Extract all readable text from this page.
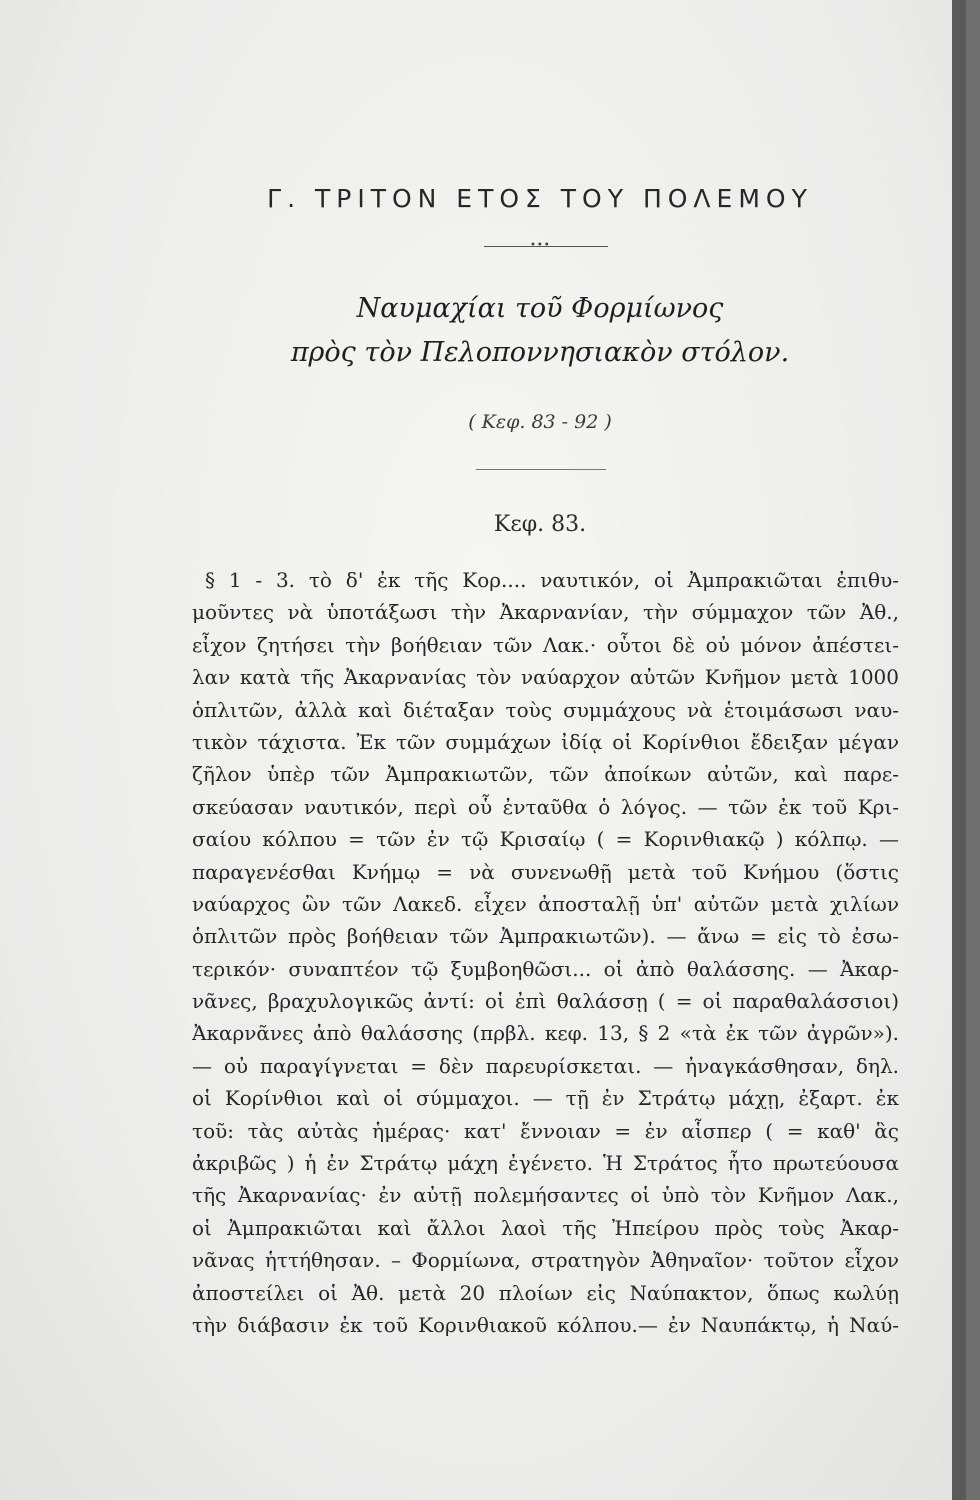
Γ. ΤΡΙΤΟΝ ΕΤΟΣ ΤΟΥ ΠΟΛΕΜΟΥ
•••
Ναυμαχίαι τοῦ Φορμίωνος
πρὸς τὸν Πελοποννησιακὸν στόλον.
( Κεφ. 83 - 92 )
Κεφ. 83.
§ 1 - 3. τὸ δ' ἐκ τῆς Κορ.... ναυτικόν, οἱ Ἀμπρακιῶται ἐπιθυ-
μοῦντες νὰ ὑποτάξωσι τὴν Ἀκαρνανίαν, τὴν σύμμαχον τῶν Ἀθ.,
εἶχον ζητήσει τὴν βοήθειαν τῶν Λακ.· οὗτοι δὲ οὐ μόνον ἀπέστει-
λαν κατὰ τῆς Ἀκαρνανίας τὸν ναύαρχον αὐτῶν Κνῆμον μετὰ 1000
ὁπλιτῶν, ἀλλὰ καὶ διέταξαν τοὺς συμμάχους νὰ ἑτοιμάσωσι ναυ-
τικὸν τάχιστα. Ἐκ τῶν συμμάχων ἰδίᾳ οἱ Κορίνθιοι ἔδειξαν μέγαν
ζῆλον ὑπὲρ τῶν Ἀμπρακιωτῶν, τῶν ἀποίκων αὐτῶν, καὶ παρε-
σκεύασαν ναυτικόν, περὶ οὗ ἐνταῦθα ὁ λόγος. — τῶν ἐκ τοῦ Κρι-
σαίου κόλπου = τῶν ἐν τῷ Κρισαίῳ ( = Κορινθιακῷ ) κόλπῳ. —
παραγενέσθαι Κνήμῳ = νὰ συνενωθῇ μετὰ τοῦ Κνήμου (ὅστις
ναύαρχος ὢν τῶν Λακεδ. εἶχεν ἀποσταλῇ ὑπ' αὐτῶν μετὰ χιλίων
ὁπλιτῶν πρὸς βοήθειαν τῶν Ἀμπρακιωτῶν). — ἄνω = εἰς τὸ ἐσω-
τερικόν· συναπτέον τῷ ξυμβοηθῶσι... οἱ ἀπὸ θαλάσσης. — Ἀκαρ-
νᾶνες, βραχυλογικῶς ἀντί: οἱ ἐπὶ θαλάσσῃ ( = οἱ παραθαλάσσιοι)
Ἀκαρνᾶνες ἀπὸ θαλάσσης (πρβλ. κεφ. 13, § 2 «τὰ ἐκ τῶν ἀγρῶν»).
— οὐ παραγίγνεται = δὲν παρευρίσκεται. — ἠναγκάσθησαν, δηλ.
οἱ Κορίνθιοι καὶ οἱ σύμμαχοι. — τῇ ἐν Στράτῳ μάχῃ, ἐξαρτ. ἐκ
τοῦ: τὰς αὐτὰς ἡμέρας· κατ' ἔννοιαν = ἐν αἷσπερ ( = καθ' ἃς
ἀκριβῶς ) ἡ ἐν Στράτῳ μάχη ἐγένετο. Ἡ Στράτος ἦτο πρωτεύουσα
τῆς Ἀκαρνανίας· ἐν αὐτῇ πολεμήσαντες οἱ ὑπὸ τὸν Κνῆμον Λακ.,
οἱ Ἀμπρακιῶται καὶ ἄλλοι λαοὶ τῆς Ἠπείρου πρὸς τοὺς Ἀκαρ-
νᾶνας ἡττήθησαν. – Φορμίωνα, στρατηγὸν Ἀθηναῖον· τοῦτον εἶχον
ἀποστείλει οἱ Ἀθ. μετὰ 20 πλοίων εἰς Ναύπακτον, ὅπως κωλύῃ
τὴν διάβασιν ἐκ τοῦ Κορινθιακοῦ κόλπου.— ἐν Ναυπάκτῳ, ἡ Ναύ-
